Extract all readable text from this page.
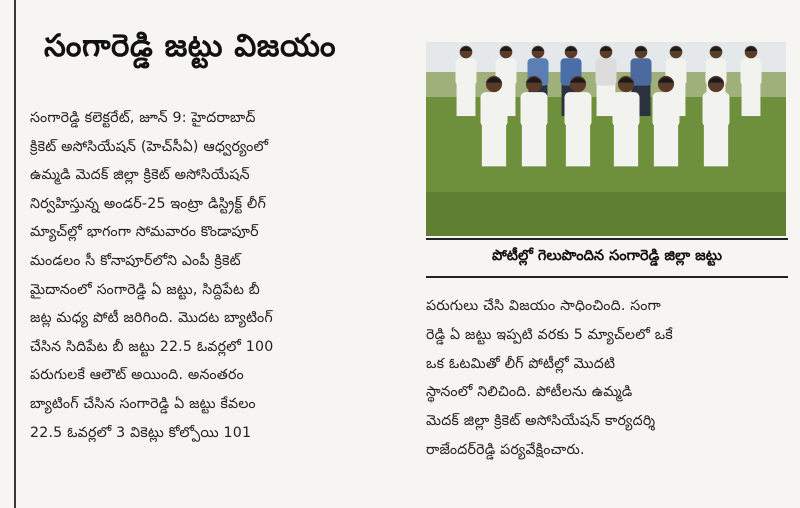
సంగారెడ్డి జట్టు విజయం
సంగారెడ్డి కలెక్టరేట్, జూన్ 9: హైదరాబాద్
క్రికెట్ అసోసియేషన్ (హెచ్‌సీఏ) ఆధ్వర్యంలో
ఉమ్మడి మెదక్ జిల్లా క్రికెట్ అసోసియేషన్
నిర్వహిస్తున్న అండర్-25 ఇంట్రా డిస్ట్రిక్ట్ లీగ్
మ్యాచ్‌ల్లో భాగంగా సోమవారం కొండాపూర్
మండలం సీ కోనాపూర్‌లోని ఎంపీ క్రికెట్
మైదానంలో సంగారెడ్డి ఏ జట్టు, సిద్దిపేట బీ
జట్ల మధ్య పోటీ జరిగింది. మొదట బ్యాటింగ్
చేసిన సిదిపేట బీ జట్టు 22.5 ఓవర్లలో 100
పరుగులకే ఆలౌట్ అయింది. అనంతరం
బ్యాటింగ్ చేసిన సంగారెడ్డి ఏ జట్టు కేవలం
22.5 ఓవర్లలో 3 వికెట్లు కోల్పోయి 101
పోటీల్లో గెలుపొందిన సంగారెడ్డి జిల్లా జట్టు
పరుగులు చేసి విజయం సాధించింది. సంగా
రెడ్డి ఏ జట్టు ఇప్పటి వరకు 5 మ్యాచ్‌లలో ఒకే
ఒక ఓటమితో లీగ్ పోటీల్లో మొదటి
స్థానంలో నిలిచింది. పోటీలను ఉమ్మడి
మెదక్ జిల్లా క్రికెట్ అసోసియేషన్ కార్యదర్శి
రాజేందర్‌రెడ్డి పర్యవేక్షించారు.
